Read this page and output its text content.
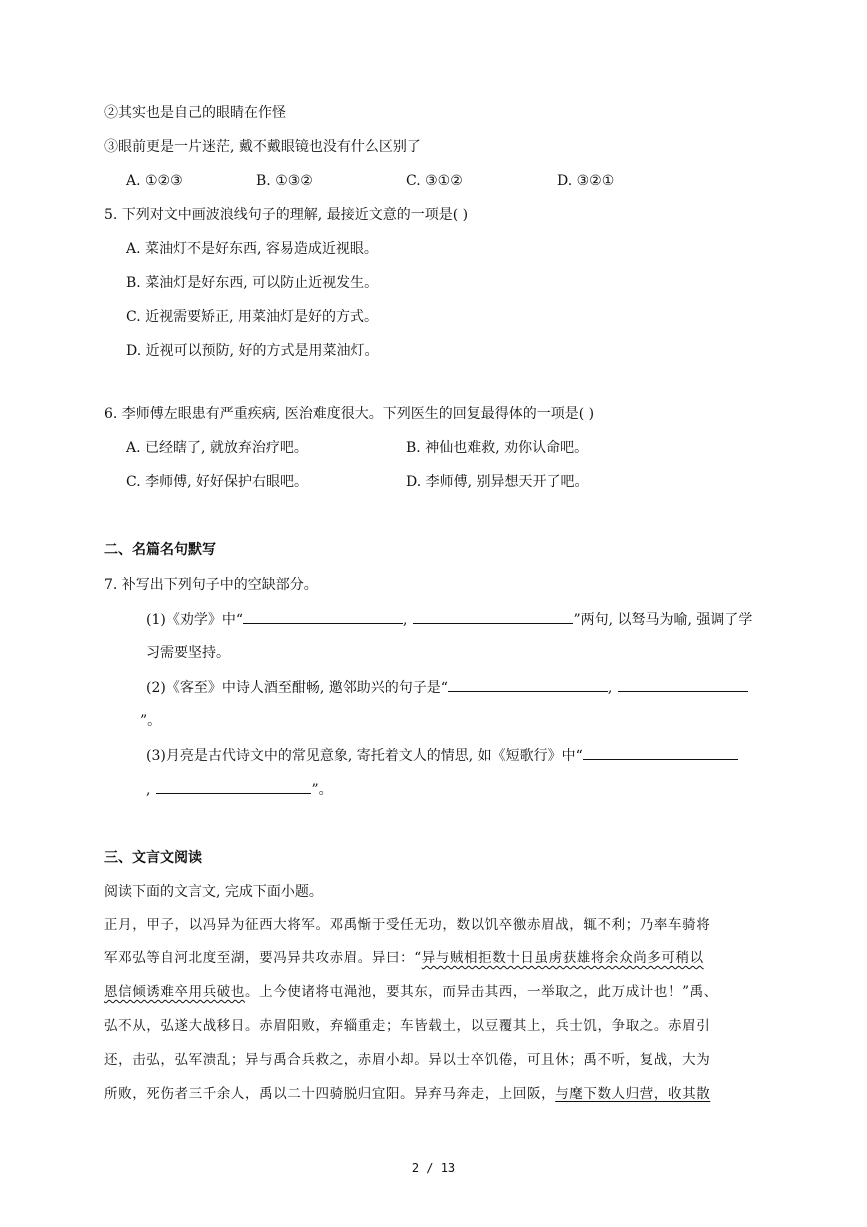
②其实也是自己的眼睛在作怪
③眼前更是一片迷茫, 戴不戴眼镜也没有什么区别了
A. ①②③	B. ①③②	C. ③①②	D. ③②①
5. 下列对文中画波浪线句子的理解, 最接近文意的一项是( )
A. 菜油灯不是好东西, 容易造成近视眼。
B. 菜油灯是好东西, 可以防止近视发生。
C. 近视需要矫正, 用菜油灯是好的方式。
D. 近视可以预防, 好的方式是用菜油灯。
6. 李师傅左眼患有严重疾病, 医治难度很大。下列医生的回复最得体的一项是( )
A. 已经瞎了, 就放弃治疗吧。	B. 神仙也难救, 劝你认命吧。
C. 李师傅, 好好保护右眼吧。	D. 李师傅, 别异想天开了吧。
二、名篇名句默写
7. 补写出下列句子中的空缺部分。
(1)《劝学》中“	,	”两句, 以驽马为喻, 强调了学
习需要坚持。
(2)《客至》中诗人酒至酣畅, 邀邻助兴的句子是“	,
”。
(3)月亮是古代诗文中的常见意象, 寄托着文人的情思, 如《短歌行》中“
,	”。
三、文言文阅读
阅读下面的文言文, 完成下面小题。
正月，甲子，以冯异为征西大将军。邓禹惭于受任无功，数以饥卒徼赤眉战，辄不利；乃率车骑将
军邓弘等自河北度至湖，要冯异共攻赤眉。异曰：“异与贼相拒数十日虽虏获雄将余众尚多可稍以
恩信倾诱难卒用兵破也。上今使诸将屯渑池，要其东，而异击其西，一举取之，此万成计也！”禹、
弘不从，弘遂大战移日。赤眉阳败，弃辎重走；车皆载土，以豆覆其上，兵士饥，争取之。赤眉引
还，击弘，弘军溃乱；异与禹合兵救之，赤眉小却。异以士卒饥倦，可且休；禹不听，复战，大为
所败，死伤者三千余人，禹以二十四骑脱归宜阳。异弃马奔走，上回阪，与麾下数人归营，收其散
2 / 13
